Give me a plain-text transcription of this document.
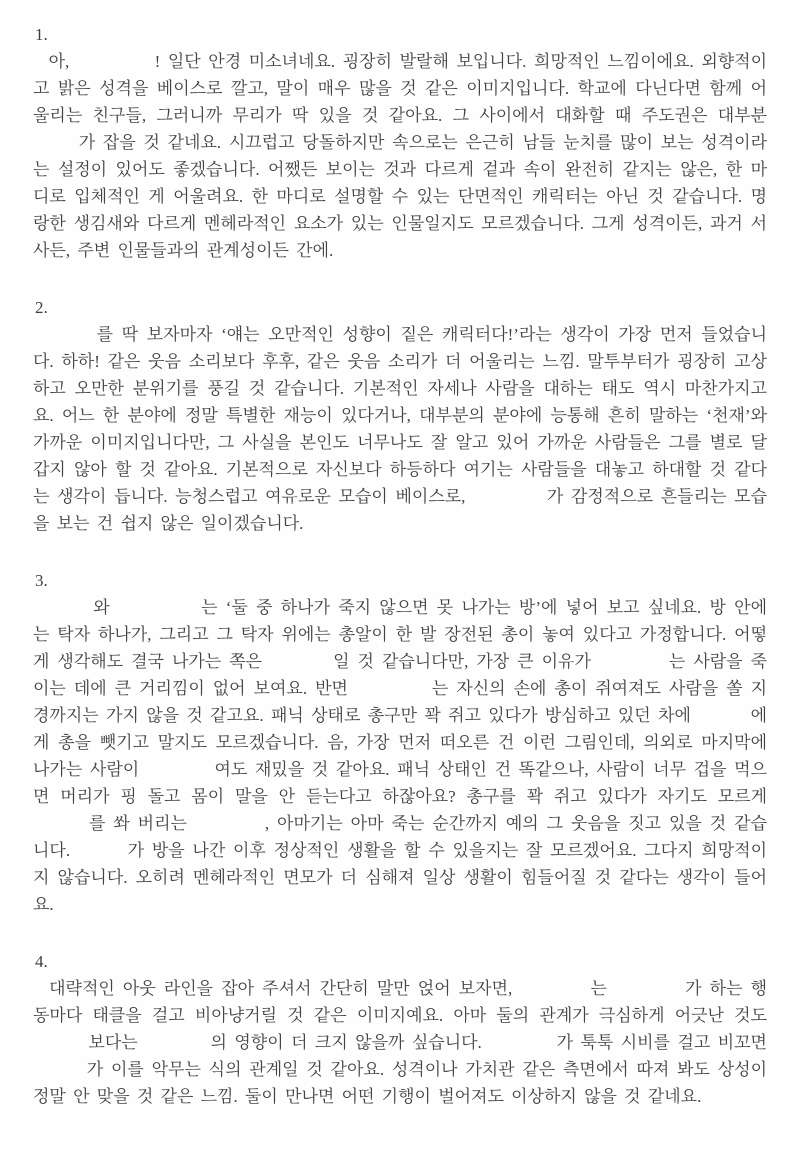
1.

아,	! 일단 안경 미소녀네요. 굉장히 발랄해 보입니다. 희망적인 느낌이에요. 외향적이고 밝은 성격을 베이스로 깔고, 말이 매우 많을 것 같은 이미지입니다. 학교에 다닌다면 함께 어울리는 친구들, 그러니까 무리가 딱 있을 것 같아요. 그 사이에서 대화할 때 주도권은 대부분  가 잡을 것 같네요. 시끄럽고 당돌하지만 속으로는 은근히 남들 눈치를 많이 보는 성격이라는 설정이 있어도 좋겠습니다. 어쨌든 보이는 것과 다르게 겉과 속이 완전히 같지는 않은, 한 마디로 입체적인 게 어울려요. 한 마디로 설명할 수 있는 단면적인 캐릭터는 아닌 것 같습니다. 명랑한 생김새와 다르게 멘헤라적인 요소가 있는 인물일지도 모르겠습니다. 그게 성격이든, 과거 서사든, 주변 인물들과의 관계성이든 간에.

2.

를 딱 보자마자 ‘얘는 오만적인 성향이 짙은 캐릭터다!’라는 생각이 가장 먼저 들었습니다. 하하! 같은 웃음 소리보다 후후, 같은 웃음 소리가 더 어울리는 느낌. 말투부터가 굉장히 고상하고 오만한 분위기를 풍길 것 같습니다. 기본적인 자세나 사람을 대하는 태도 역시 마찬가지고요. 어느 한 분야에 정말 특별한 재능이 있다거나, 대부분의 분야에 능통해 흔히 말하는 ‘천재’와 가까운 이미지입니다만, 그 사실을 본인도 너무나도 잘 알고 있어 가까운 사람들은 그를 별로 달갑지 않아 할 것 같아요. 기본적으로 자신보다 하등하다 여기는 사람들을 대놓고 하대할 것 같다는 생각이 듭니다. 능청스럽고 여유로운 모습이 베이스로,	가 감정적으로 흔들리는 모습을 보는 건 쉽지 않은 일이겠습니다.

3.

와	는 ‘둘 중 하나가 죽지 않으면 못 나가는 방’에 넣어 보고 싶네요. 방 안에는 탁자 하나가, 그리고 그 탁자 위에는 총알이 한 발 장전된 총이 놓여 있다고 가정합니다. 어떻게 생각해도 결국 나가는 쪽은	일 것 같습니다만, 가장 큰 이유가	는 사람을 죽이는 데에 큰 거리낌이 없어 보여요. 반면	는 자신의 손에 총이 쥐여져도 사람을 쏠 지경까지는 가지 않을 것 같고요. 패닉 상태로 총구만 꽉 쥐고 있다가 방심하고 있던 차에	에게 총을 뺏기고 말지도 모르겠습니다. 음, 가장 먼저 떠오른 건 이런 그림인데, 의외로 마지막에 나가는 사람이	여도 재밌을 것 같아요. 패닉 상태인 건 똑같으나, 사람이 너무 겁을 먹으면 머리가 핑 돌고 몸이 말을 안 듣는다고 하잖아요? 총구를 꽉 쥐고 있다가 자기도 모르게  를 쏴 버리는	, 아마기는 아마 죽는 순간까지 예의 그 웃음을 짓고 있을 것 같습니다.	가 방을 나간 이후 정상적인 생활을 할 수 있을지는 잘 모르겠어요. 그다지 희망적이지 않습니다. 오히려 멘헤라적인 면모가 더 심해져 일상 생활이 힘들어질 것 같다는 생각이 들어요.

4.

대략적인 아웃 라인을 잡아 주셔서 간단히 말만 얹어 보자면,	는	가 하는 행동마다 태클을 걸고 비아냥거릴 것 같은 이미지예요. 아마 둘의 관계가 극심하게 어긋난 것도  보다는	의 영향이 더 크지 않을까 싶습니다.	가 툭툭 시비를 걸고 비꼬면  가 이를 악무는 식의 관계일 것 같아요. 성격이나 가치관 같은 측면에서 따져 봐도 상성이 정말 안 맞을 것 같은 느낌. 둘이 만나면 어떤 기행이 벌어져도 이상하지 않을 것 같네요.
